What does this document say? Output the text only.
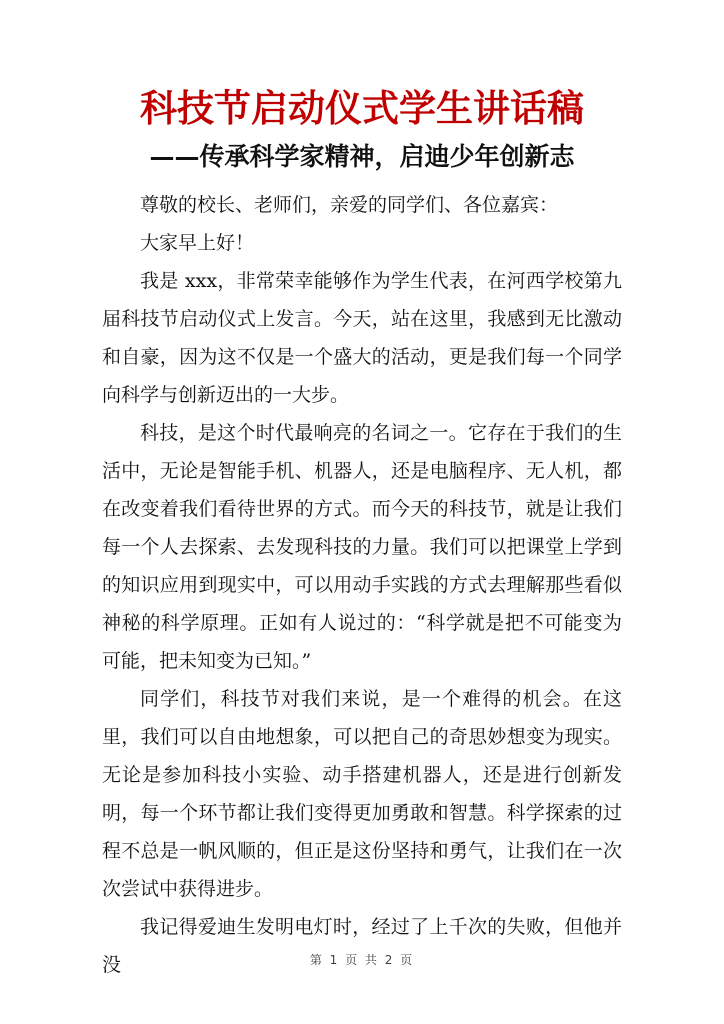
科技节启动仪式学生讲话稿
——传承科学家精神，启迪少年创新志

尊敬的校长、老师们，亲爱的同学们、各位嘉宾：

大家早上好！

我是 xxx，非常荣幸能够作为学生代表，在河西学校第九届科技节启动仪式上发言。今天，站在这里，我感到无比激动和自豪，因为这不仅是一个盛大的活动，更是我们每一个同学向科学与创新迈出的一大步。

科技，是这个时代最响亮的名词之一。它存在于我们的生活中，无论是智能手机、机器人，还是电脑程序、无人机，都在改变着我们看待世界的方式。而今天的科技节，就是让我们每一个人去探索、去发现科技的力量。我们可以把课堂上学到的知识应用到现实中，可以用动手实践的方式去理解那些看似神秘的科学原理。正如有人说过的：“科学就是把不可能变为可能，把未知变为已知。”

同学们，科技节对我们来说，是一个难得的机会。在这里，我们可以自由地想象，可以把自己的奇思妙想变为现实。无论是参加科技小实验、动手搭建机器人，还是进行创新发明，每一个环节都让我们变得更加勇敢和智慧。科学探索的过程不总是一帆风顺的，但正是这份坚持和勇气，让我们在一次次尝试中获得进步。

我记得爱迪生发明电灯时，经过了上千次的失败，但他并没	第 1 页 共 2 页
